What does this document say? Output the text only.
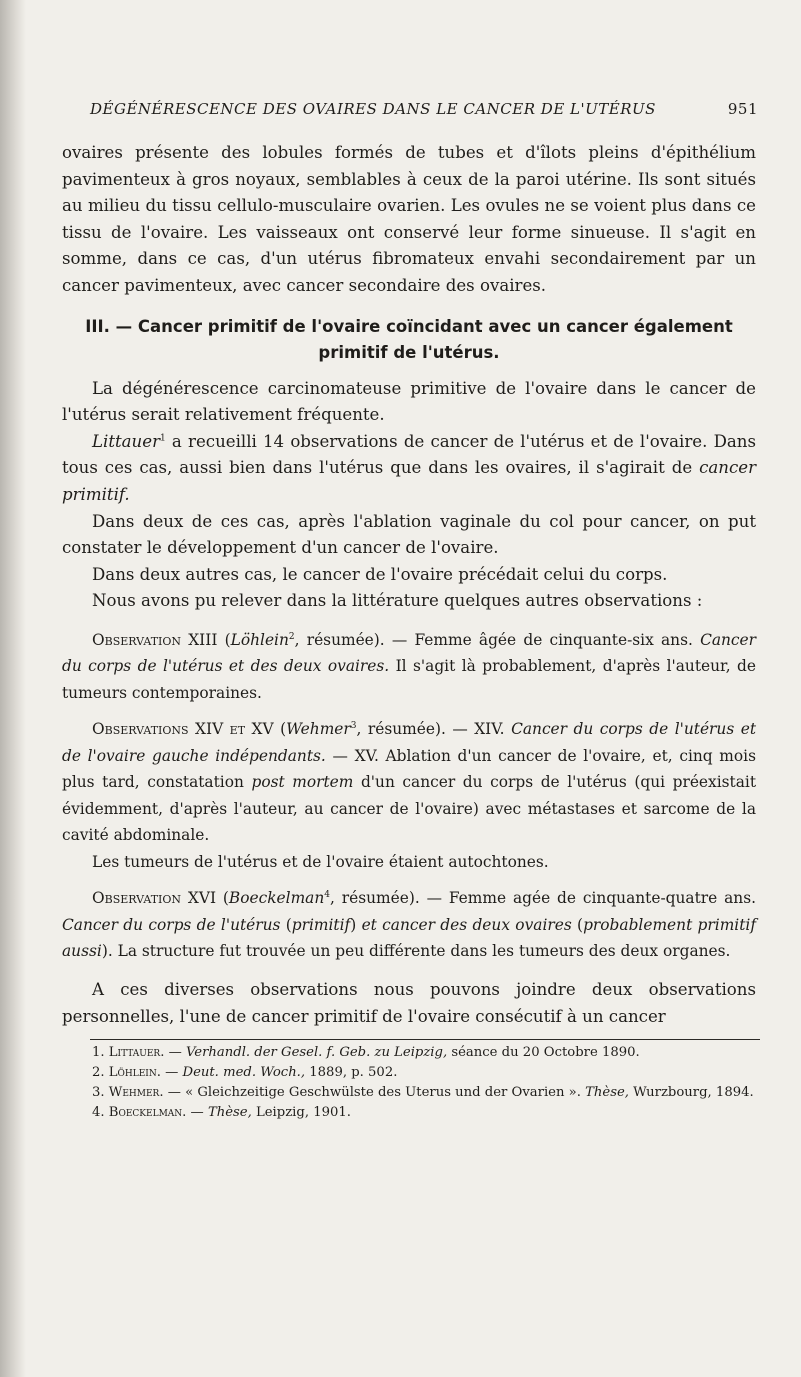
DÉGÉNÉRESCENCE DES OVAIRES DANS LE CANCER DE L'UTÉRUS	951

ovaires présente des lobules formés de tubes et d'îlots pleins d'épithélium pavimenteux à gros noyaux, semblables à ceux de la paroi utérine. Ils sont situés au milieu du tissu cellulo-musculaire ovarien. Les ovules ne se voient plus dans ce tissu de l'ovaire. Les vaisseaux ont conservé leur forme sinueuse. Il s'agit en somme, dans ce cas, d'un utérus fibromateux envahi secondairement par un cancer pavimenteux, avec cancer secondaire des ovaires.

III. — Cancer primitif de l'ovaire coïncidant avec un cancer également primitif de l'utérus.

La dégénérescence carcinomateuse primitive de l'ovaire dans le cancer de l'utérus serait relativement fréquente.

Littauer$^1$ a recueilli 14 observations de cancer de l'utérus et de l'ovaire. Dans tous ces cas, aussi bien dans l'utérus que dans les ovaires, il s'agirait de cancer primitif.

Dans deux de ces cas, après l'ablation vaginale du col pour cancer, on put constater le développement d'un cancer de l'ovaire.

Dans deux autres cas, le cancer de l'ovaire précédait celui du corps.

Nous avons pu relever dans la littérature quelques autres observations :

Observation XIII (Löhlein$^2$, résumée). — Femme âgée de cinquante-six ans. Cancer du corps de l'utérus et des deux ovaires. Il s'agit là probablement, d'après l'auteur, de tumeurs contemporaines.

Observations XIV et XV (Wehmer$^3$, résumée). — XIV. Cancer du corps de l'utérus et de l'ovaire gauche indépendants. — XV. Ablation d'un cancer de l'ovaire, et, cinq mois plus tard, constatation post mortem d'un cancer du corps de l'utérus (qui préexistait évidemment, d'après l'auteur, au cancer de l'ovaire) avec métastases et sarcome de la cavité abdominale.

Les tumeurs de l'utérus et de l'ovaire étaient autochtones.

Observation XVI (Boeckelman$^4$, résumée). — Femme agée de cinquante-quatre ans. Cancer du corps de l'utérus (primitif) et cancer des deux ovaires (probablement primitif aussi). La structure fut trouvée un peu différente dans les tumeurs des deux organes.

A ces diverses observations nous pouvons joindre deux observations personnelles, l'une de cancer primitif de l'ovaire consécutif à un cancer

1. Littauer. — Verhandl. der Gesel. f. Geb. zu Leipzig, séance du 20 Octobre 1890.

2. Löhlein. — Deut. med. Woch., 1889, p. 502.

3. Wehmer. — « Gleichzeitige Geschwülste des Uterus und der Ovarien ». Thèse, Wurzbourg, 1894.

4. Boeckelman. — Thèse, Leipzig, 1901.
